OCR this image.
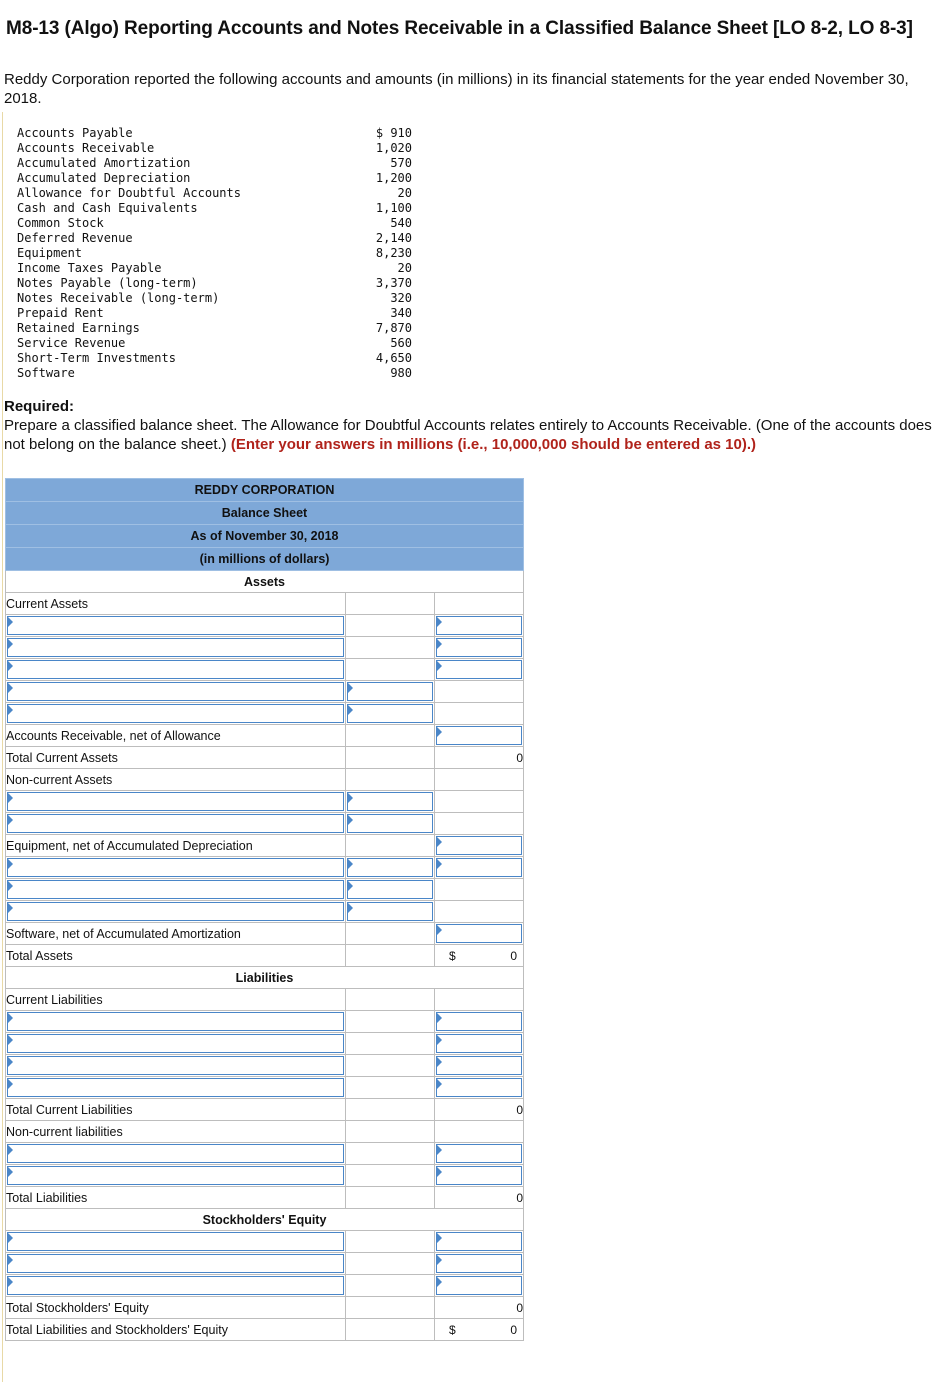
M8-13 (Algo) Reporting Accounts and Notes Receivable in a Classified Balance Sheet [LO 8-2, LO 8-3]

Reddy Corporation reported the following accounts and amounts (in millions) in its financial statements for the year ended November 30, 2018.

Accounts Payable	$ 910
Accounts Receivable	1,020
Accumulated Amortization	570
Accumulated Depreciation	1,200
Allowance for Doubtful Accounts	20
Cash and Cash Equivalents	1,100
Common Stock	540
Deferred Revenue	2,140
Equipment	8,230
Income Taxes Payable	20
Notes Payable (long-term)	3,370
Notes Receivable (long-term)	320
Prepaid Rent	340
Retained Earnings	7,870
Service Revenue	560
Short-Term Investments	4,650
Software	980

Required:

Prepare a classified balance sheet. The Allowance for Doubtful Accounts relates entirely to Accounts Receivable. (One of the accounts does not belong on the balance sheet.) (Enter your answers in millions (i.e., 10,000,000 should be entered as 10).)

REDDY CORPORATION		
Balance Sheet		
As of November 30, 2018		
(in millions of dollars)		
Assets		
Current Assets		

Accounts Receivable, net of Allowance		

Total Current Assets		0
Non-current Assets		

Equipment, net of Accumulated Depreciation		

Software, net of Accumulated Amortization		

Total Assets		$ 0

Liabilities		
Current Liabilities		

Total Current Liabilities		0
Non-current liabilities		

Total Liabilities		0
Stockholders' Equity		

Total Stockholders' Equity		0
Total Liabilities and Stockholders' Equity		$ 0
